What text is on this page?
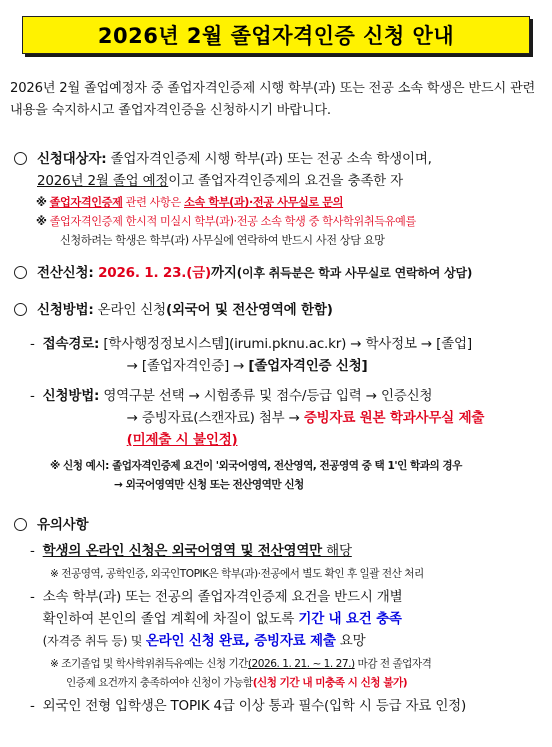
2026년 2월 졸업자격인증 신청 안내
2026년 2월 졸업예정자 중 졸업자격인증제 시행 학부(과) 또는 전공 소속 학생은 반드시 관련 내용을 숙지하시고 졸업자격인증을 신청하시기 바랍니다.
신청대상자: 졸업자격인증제 시행 학부(과) 또는 전공 소속 학생이며,
2026년 2월 졸업 예정이고 졸업자격인증제의 요건을 충족한 자
※ 졸업자격인증제 관련 사항은 소속 학부(과)·전공 사무실로 문의
※ 졸업자격인증제 한시적 미실시 학부(과)·전공 소속 학생 중 학사학위취득유예를
신청하려는 학생은 학부(과) 사무실에 연락하여 반드시 사전 상담 요망
전산신청: 2026. 1. 23.(금)까지(이후 취득분은 학과 사무실로 연락하여 상담)
신청방법: 온라인 신청(외국어 및 전산영역에 한함)
- 접속경로: [학사행정정보시스템](irumi.pknu.ac.kr) → 학사정보 → [졸업]
→ [졸업자격인증] → [졸업자격인증 신청]
- 신청방법: 영역구분 선택 → 시험종류 및 점수/등급 입력 → 인증신청
→ 증빙자료(스캔자료) 첨부 → 증빙자료 원본 학과사무실 제출
(미제출 시 불인정)
※ 신청 예시: 졸업자격인증제 요건이 '외국어영역, 전산영역, 전공영역 중 택 1'인 학과의 경우
→ 외국어영역만 신청 또는 전산영역만 신청
유의사항
- 학생의 온라인 신청은 외국어영역 및 전산영역만 해당
※ 전공영역, 공학인증, 외국인TOPIK은 학부(과)·전공에서 별도 확인 후 일괄 전산 처리
- 소속 학부(과) 또는 전공의 졸업자격인증제 요건을 반드시 개별
확인하여 본인의 졸업 계획에 차질이 없도록 기간 내 요건 충족
(자격증 취득 등) 및 온라인 신청 완료, 증빙자료 제출 요망
※ 조기졸업 및 학사학위취득유예는 신청 기간(2026. 1. 21. ~ 1. 27.) 마감 전 졸업자격
인증제 요건까지 충족하여야 신청이 가능함(신청 기간 내 미충족 시 신청 불가)
- 외국인 전형 입학생은 TOPIK 4급 이상 통과 필수(입학 시 등급 자료 인정)
